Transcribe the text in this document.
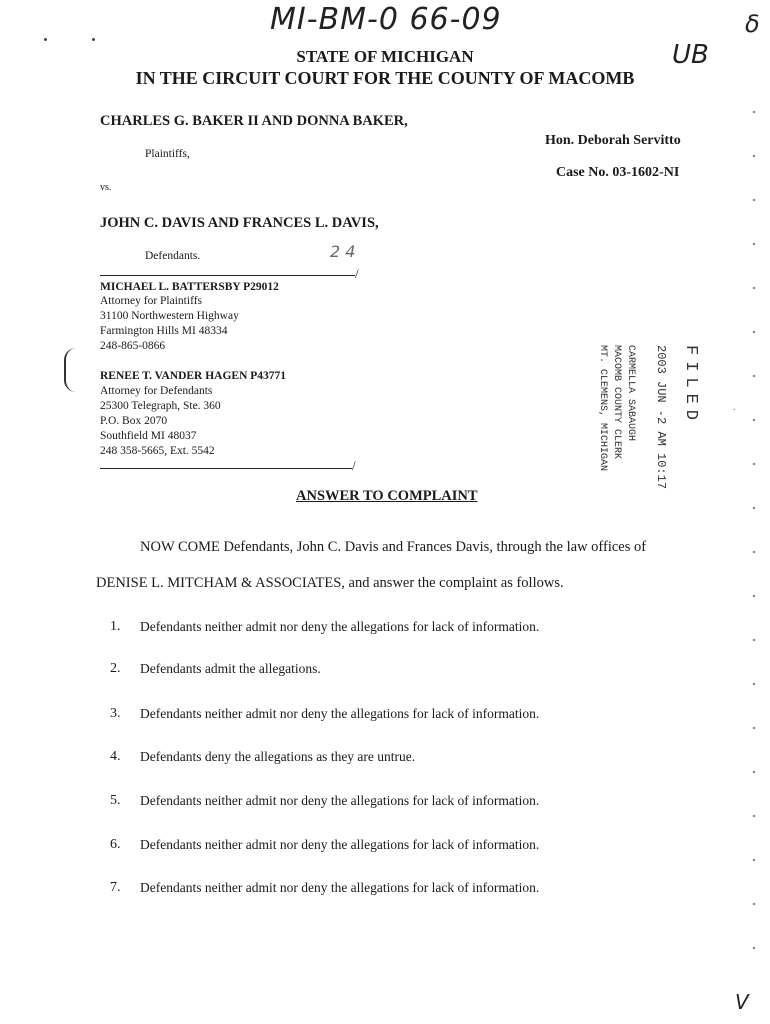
MI-BM-0 66-09
UB
δ
STATE OF MICHIGAN
IN THE CIRCUIT COURT FOR THE COUNTY OF MACOMB
CHARLES G. BAKER II AND DONNA BAKER,
Plaintiffs,
vs.
JOHN C. DAVIS AND FRANCES L. DAVIS,
Defendants.	2 4
Hon. Deborah Servitto
Case No. 03-1602-NI
/
MICHAEL L. BATTERSBY P29012
Attorney for Plaintiffs
31100 Northwestern Highway
Farmington Hills MI 48334
248-865-0866
RENEE T. VANDER HAGEN P43771
Attorney for Defendants
25300 Telegraph, Ste. 360
P.O. Box 2070
Southfield MI 48037
248 358-5665, Ext. 5542
/
FILED
2003 JUN -2 AM 10:17
CARMELLA SABAUGH
MACOMB COUNTY CLERK
MT. CLEMENS, MICHIGAN	.
ANSWER TO COMPLAINT
NOW COME Defendants, John C. Davis and Frances Davis, through the law offices of
DENISE L. MITCHAM & ASSOCIATES, and answer the complaint as follows.
1. Defendants neither admit nor deny the allegations for lack of information.
2. Defendants admit the allegations.
3. Defendants neither admit nor deny the allegations for lack of information.
4. Defendants deny the allegations as they are untrue.
5. Defendants neither admit nor deny the allegations for lack of information.
6. Defendants neither admit nor deny the allegations for lack of information.
7. Defendants neither admit nor deny the allegations for lack of information.
V
